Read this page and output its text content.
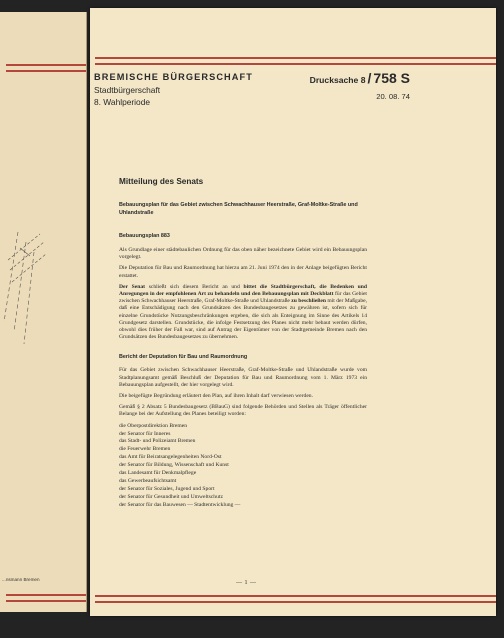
...nsmann Bremen
BREMISCHE BÜRGERSCHAFT
Stadtbürgerschaft
8. Wahlperiode
Drucksache 8 / 758 S
20. 08. 74
Mitteilung des Senats
Bebauungsplan für das Gebiet zwischen Schwachhauser Heerstraße, Graf-Moltke-Straße und Uhlandstraße
Bebauungsplan 883

Als Grundlage einer städtebaulichen Ordnung für das oben näher bezeichnete Gebiet wird ein Bebauungsplan vorgelegt.

Die Deputation für Bau und Raumordnung hat hierzu am 21. Juni 1974 den in der Anlage beigefügten Bericht erstattet.

Der Senat schließt sich diesem Bericht an und bittet die Stadtbürgerschaft, die Bedenken und Anregungen in der empfohlenen Art zu behandeln und den Bebauungsplan mit Deckblatt für das Gebiet zwischen Schwachhauser Heerstraße, Graf-Moltke-Straße und Uhlandstraße zu beschließen mit der Maßgabe, daß eine Entschädigung nach den Grundsätzen des Bundesbaugesetzes zu gewähren ist, sofern sich für einzelne Grundstücke Nutzungsbeschränkungen ergeben, die sich als Enteignung im Sinne des Artikels 14 Grundgesetz darstellen. Grundstücke, die infolge Festsetzung des Planes nicht mehr bebaut werden dürfen, obwohl dies früher der Fall war, sind auf Antrag der Eigentümer von der Stadtgemeinde Bremen nach den Grundsätzen des Bundesbaugesetzes zu übernehmen.

Bericht der Deputation für Bau und Raumordnung

Für das Gebiet zwischen Schwachhauser Heerstraße, Graf-Moltke-Straße und Uhlandstraße wurde vom Stadtplanungsamt gemäß Beschluß der Deputation für Bau und Raumordnung vom 1. März 1973 ein Bebauungsplan aufgestellt, der hier vorgelegt wird.

Die beigefügte Begründung erläutert den Plan, auf ihren Inhalt darf verwiesen werden.

Gemäß § 2 Absatz 5 Bundesbaugesetz (BBauG) sind folgende Behörden und Stellen als Träger öffentlicher Belange bei der Aufstellung des Planes beteiligt worden:

die Oberpostdirektion Bremen
der Senator für Inneres
das Stadt- und Polizeiamt Bremen
die Feuerwehr Bremen
das Amt für Beiratsangelegenheiten Nord-Ost
der Senator für Bildung, Wissenschaft und Kunst
das Landesamt für Denkmalpflege
das Gewerbeaufsichtsamt
der Senator für Soziales, Jugend und Sport
der Senator für Gesundheit und Umweltschutz
der Senator für das Bauwesen — Stadtentwicklung —
— 1 —
